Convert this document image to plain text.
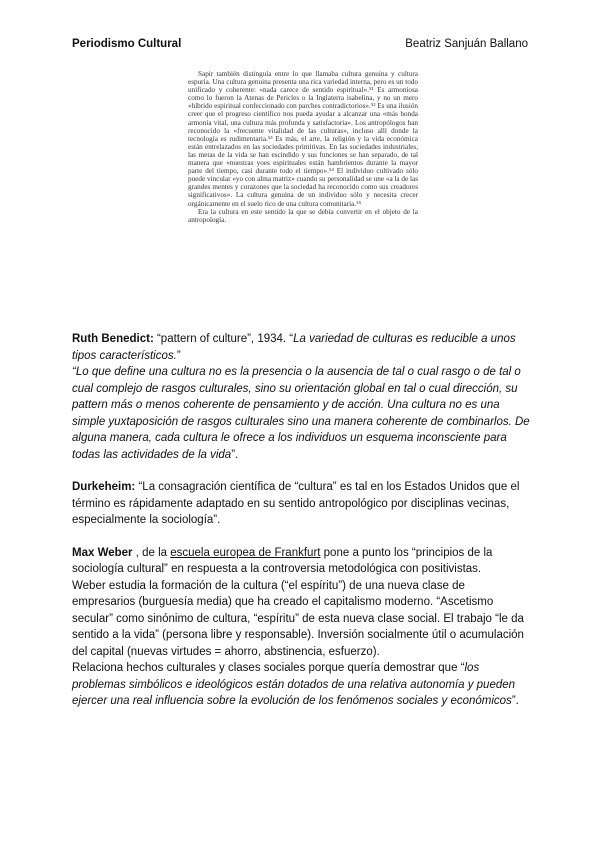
Periodismo Cultural	Beatriz Sanjuán Ballano

Sapir también distinguía entre lo que llamaba cultura genuina y cultura espuria. Una cultura genuina presenta una rica variedad interna, pero es un todo unificado y coherente: «nada carece de sentido espiritual».⁵¹ Es armoniosa como lo fueron la Atenas de Pericles o la Inglaterra isabelina, y no un mero «híbrido espiritual confeccionado con parches contradictorios».⁵² Es una ilusión creer que el progreso científico nos pueda ayudar a alcanzar una «más honda armonía vital, una cultura más profunda y satisfactoria». Los antropólogos han reconocido la «frecuente vitalidad de las culturas», incluso allí donde la tecnología es rudimentaria.⁵³ Es más, el arte, la religión y la vida económica están entrelazados en las sociedades primitivas. En las sociedades industriales, las metas de la vida se han escindido y sus funciones se han separado, de tal manera que «nuestras yoes espirituales están hambrientos durante la mayor parte del tiempo, casi durante todo el tiempo».⁵⁴ El individuo cultivado sólo puede vincular «yo con alma matriz» cuando su personalidad se une «a la de las grandes mentes y corazones que la sociedad ha reconocido como sus creadores significativos». La cultura genuina de un individuo sólo y necesita crecer orgánicamente en el suelo rico de una cultura comunitaria.⁵⁵

Era la cultura en este sentido la que se debía convertir en el objeto de la antropología.

Ruth Benedict: “pattern of culture”, 1934. “La variedad de culturas es reducible a unos tipos característicos.”

“Lo que define una cultura no es la presencia o la ausencia de tal o cual rasgo o de tal o cual complejo de rasgos culturales, sino su orientación global en tal o cual dirección, su pattern más o menos coherente de pensamiento y de acción. Una cultura no es una simple yuxtaposición de rasgos culturales sino una manera coherente de combinarlos. De alguna manera, cada cultura le ofrece a los individuos un esquema inconsciente para todas las actividades de la vida”.

Durkeheim: “La consagración científica de “cultura” es tal en los Estados Unidos que el término es rápidamente adaptado en su sentido antropológico por disciplinas vecinas, especialmente la sociología”.

Max Weber , de la escuela europea de Frankfurt pone a punto los “principios de la sociología cultural” en respuesta a la controversia metodológica con positivistas.

Weber estudia la formación de la cultura (“el espíritu”) de una nueva clase de empresarios (burguesía media) que ha creado el capitalismo moderno. “Ascetismo secular” como sinónimo de cultura, “espíritu” de esta nueva clase social. El trabajo “le da sentido a la vida” (persona libre y responsable). Inversión socialmente útil o acumulación del capital (nuevas virtudes = ahorro, abstinencia, esfuerzo).

Relaciona hechos culturales y clases sociales porque quería demostrar que “los problemas simbólicos e ideológicos están dotados de una relativa autonomía y pueden ejercer una real influencia sobre la evolución de los fenómenos sociales y económicos”.
